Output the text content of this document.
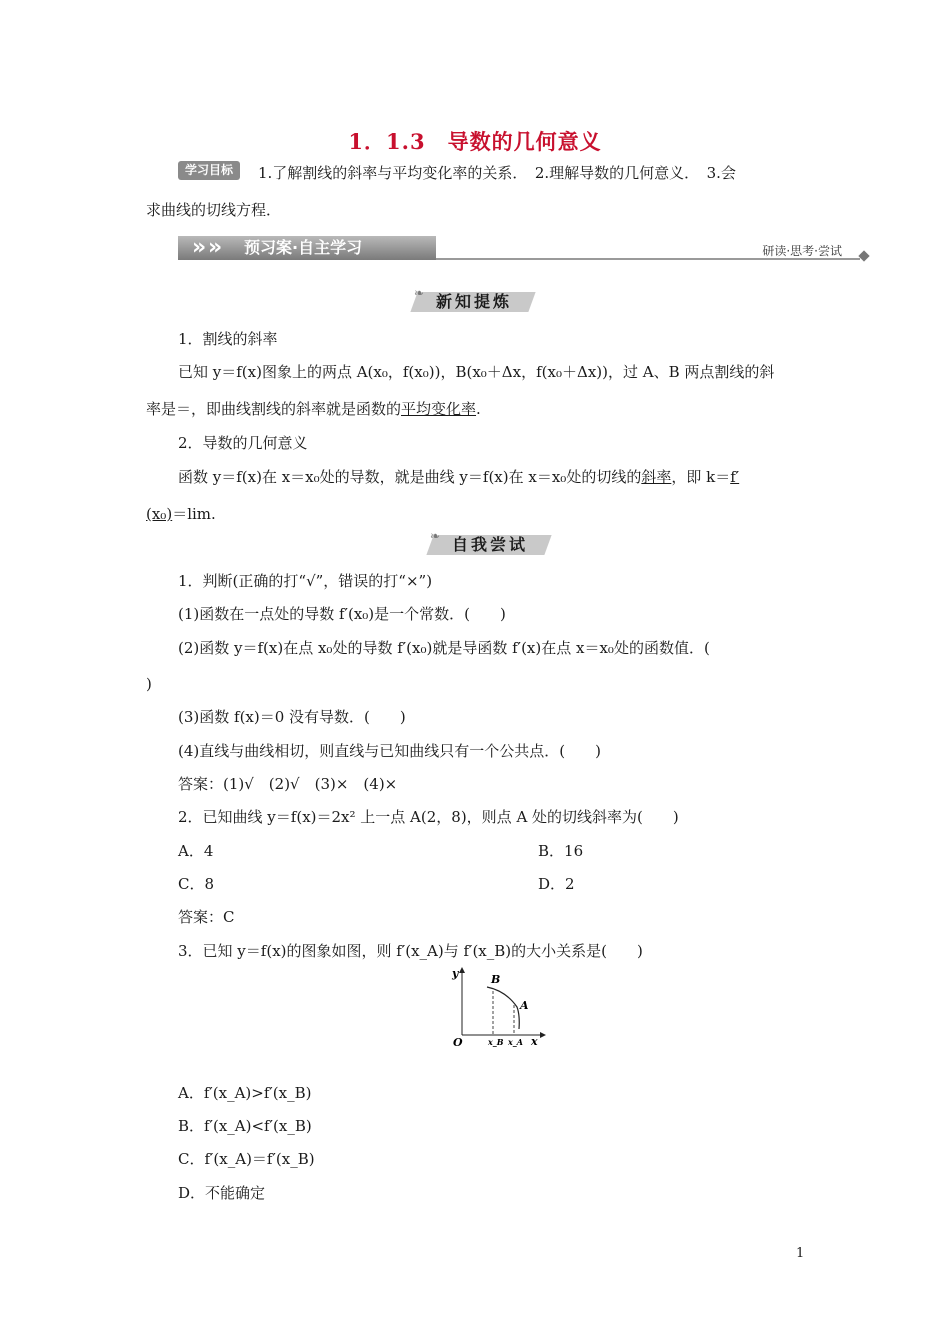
1．1.3　导数的几何意义
学习目标	1.了解割线的斜率与平均变化率的关系．　2.理解导数的几何意义．　3.会
求曲线的切线方程．
» » 预习案·自主学习	研读·思考·尝试
❧ 新知提炼
1．割线的斜率
已知 y＝f(x)图象上的两点 A(x₀，f(x₀))，B(x₀＋Δx，f(x₀＋Δx))，过 A、B 两点割线的斜
率是＝，即曲线割线的斜率就是函数的平均变化率.
2．导数的几何意义
函数 y＝f(x)在 x＝x₀处的导数，就是曲线 y＝f(x)在 x＝x₀处的切线的斜率，即 k＝f′
(x₀)＝lim.
❧ 自我尝试
1．判断(正确的打“√”，错误的打“×”)
(1)函数在一点处的导数 f′(x₀)是一个常数．(　　)
(2)函数 y＝f(x)在点 x₀处的导数 f′(x₀)就是导函数 f′(x)在点 x＝x₀处的函数值．(
)
(3)函数 f(x)＝0 没有导数．(　　)
(4)直线与曲线相切，则直线与已知曲线只有一个公共点．(　　)
答案：(1)√　(2)√　(3)×　(4)×
2．已知曲线 y＝f(x)＝2x² 上一点 A(2，8)，则点 A 处的切线斜率为(　　)
A．4	B．16
C．8	D．2
答案：C
3．已知 y＝f(x)的图象如图，则 f′(x_A)与 f′(x_B)的大小关系是(　　)
y
O
B
A
x_B x_A x
A．f′(x_A)>f′(x_B)
B．f′(x_A)<f′(x_B)
C．f′(x_A)＝f′(x_B)
D．不能确定
1
